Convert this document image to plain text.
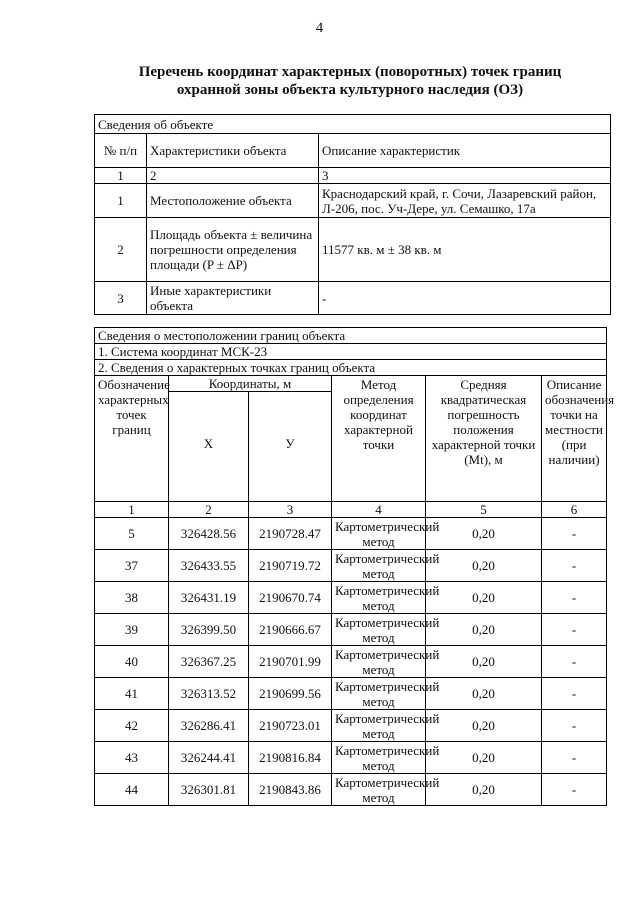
4
Перечень координат характерных (поворотных) точек границ
охранной зоны объекта культурного наследия (ОЗ)
Сведения об объекте		
№ п/п	Характеристики объекта	Описание характеристик
1	2	3
1	Местоположение объекта	Краснодарский край, г. Сочи, Лазаревский район, Л-206, пос. Уч-Дере, ул. Семашко, 17а
2	Площадь объекта ± величина погрешности определения площади (P ± ΔP)	11577 кв. м ± 38 кв. м
3	Иные характеристики объекта	-
Сведения о местоположении границ объекта					
1. Система координат МСК-23					
2. Сведения о характерных точках границ объекта					
Обозначение характерных точек границ	Координаты, м		Метод определения координат характерной точки	Средняя квадратическая погрешность положения характерной точки (Mt), м	Описание обозначения точки на местности (при наличии)
	X	У			
1	2	3	4	5	6
5	326428.56	2190728.47	Картометрический метод	0,20	-
37	326433.55	2190719.72	Картометрический метод	0,20	-
38	326431.19	2190670.74	Картометрический метод	0,20	-
39	326399.50	2190666.67	Картометрический метод	0,20	-
40	326367.25	2190701.99	Картометрический метод	0,20	-
41	326313.52	2190699.56	Картометрический метод	0,20	-
42	326286.41	2190723.01	Картометрический метод	0,20	-
43	326244.41	2190816.84	Картометрический метод	0,20	-
44	326301.81	2190843.86	Картометрический метод	0,20	-
